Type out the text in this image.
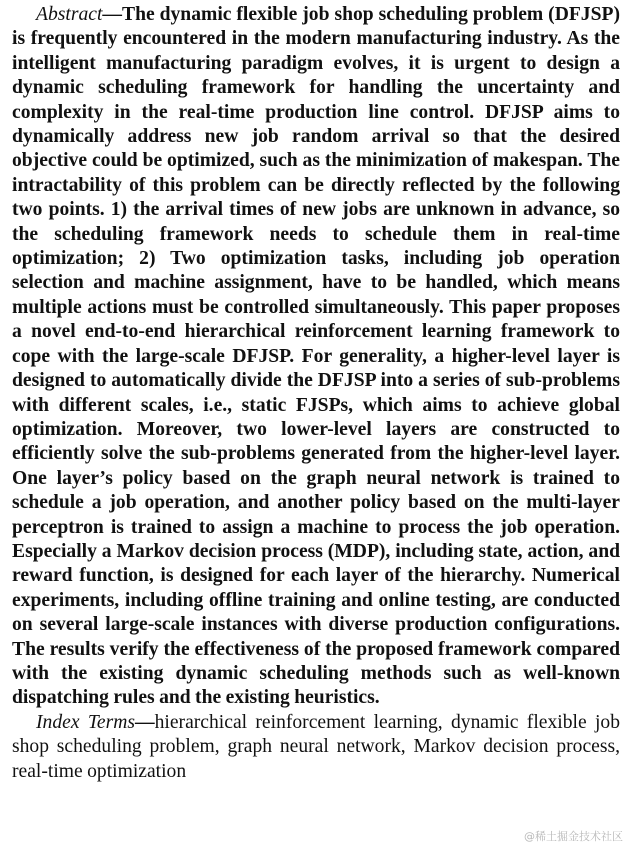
Abstract—The dynamic flexible job shop scheduling problem (DFJSP) is frequently encountered in the modern manufacturing industry. As the intelligent manufacturing paradigm evolves, it is urgent to design a dynamic scheduling framework for handling the uncertainty and complexity in the real-time production line control. DFJSP aims to dynamically address new job random arrival so that the desired objective could be optimized, such as the minimization of makespan. The intractability of this problem can be directly reflected by the following two points. 1) the arrival times of new jobs are unknown in advance, so the scheduling framework needs to schedule them in real-time optimization; 2) Two optimization tasks, including job operation selection and machine assignment, have to be handled, which means multiple actions must be controlled simultaneously. This paper proposes a novel end-to-end hierarchical reinforcement learning framework to cope with the large-scale DFJSP. For generality, a higher-level layer is designed to automatically divide the DFJSP into a series of sub-problems with different scales, i.e., static FJSPs, which aims to achieve global optimization. Moreover, two lower-level layers are constructed to efficiently solve the sub-problems generated from the higher-level layer. One layer’s policy based on the graph neural network is trained to schedule a job operation, and another policy based on the multi-layer perceptron is trained to assign a machine to process the job operation. Especially a Markov decision process (MDP), including state, action, and reward function, is designed for each layer of the hierarchy. Numerical experiments, including offline training and online testing, are conducted on several large-scale instances with diverse production configurations. The results verify the effectiveness of the proposed framework compared with the existing dynamic scheduling methods such as well-known dispatching rules and the existing heuristics.

Index Terms—hierarchical reinforcement learning, dynamic flexible job shop scheduling problem, graph neural network, Markov decision process, real-time optimization

@稀土掘金技术社区
